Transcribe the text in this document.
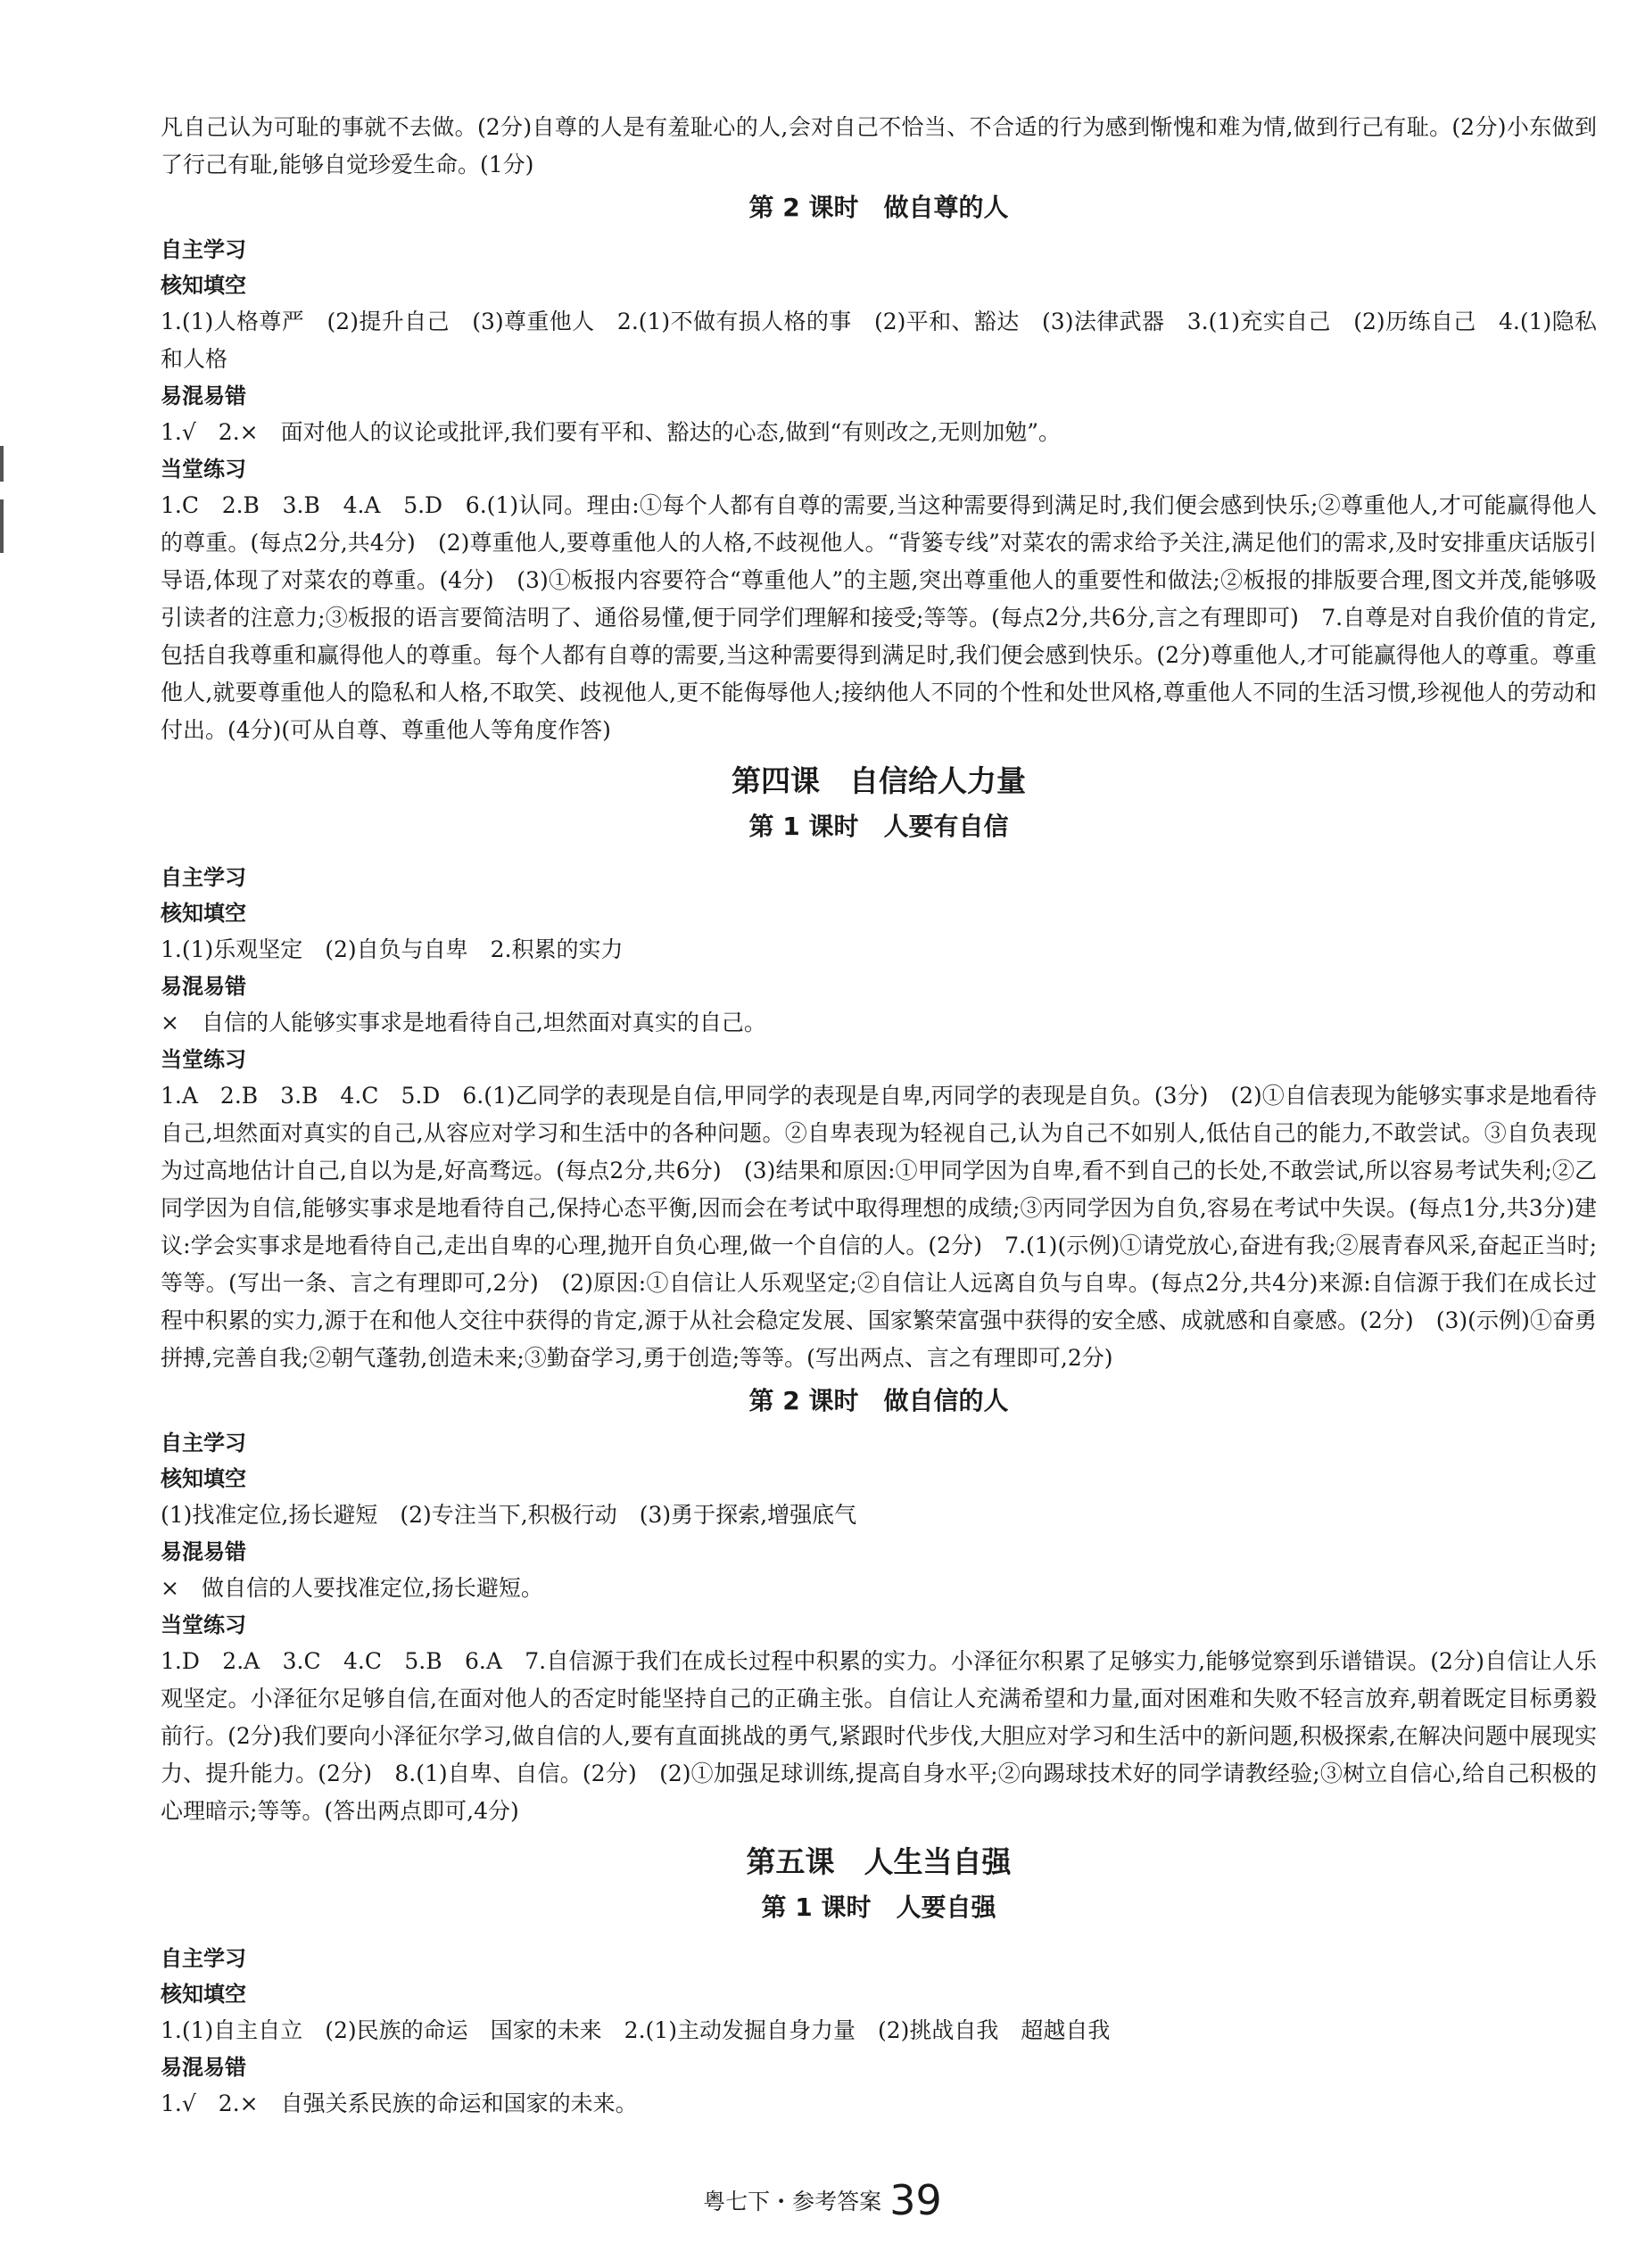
凡自己认为可耻的事就不去做。(2分)自尊的人是有羞耻心的人,会对自己不恰当、不合适的行为感到惭愧和难为情,做到行己有耻。(2分)小东做到了行己有耻,能够自觉珍爱生命。(1分)

第 2 课时　做自尊的人
自主学习
核知填空

1.(1)人格尊严　(2)提升自己　(3)尊重他人　2.(1)不做有损人格的事　(2)平和、豁达　(3)法律武器　3.(1)充实自己　(2)历练自己　4.(1)隐私和人格

易混易错

1.√　2.×　面对他人的议论或批评,我们要有平和、豁达的心态,做到“有则改之,无则加勉”。

当堂练习

1.C　2.B　3.B　4.A　5.D　6.(1)认同。理由:①每个人都有自尊的需要,当这种需要得到满足时,我们便会感到快乐;②尊重他人,才可能赢得他人的尊重。(每点2分,共4分)　(2)尊重他人,要尊重他人的人格,不歧视他人。“背篓专线”对菜农的需求给予关注,满足他们的需求,及时安排重庆话版引导语,体现了对菜农的尊重。(4分)　(3)①板报内容要符合“尊重他人”的主题,突出尊重他人的重要性和做法;②板报的排版要合理,图文并茂,能够吸引读者的注意力;③板报的语言要简洁明了、通俗易懂,便于同学们理解和接受;等等。(每点2分,共6分,言之有理即可)　7.自尊是对自我价值的肯定,包括自我尊重和赢得他人的尊重。每个人都有自尊的需要,当这种需要得到满足时,我们便会感到快乐。(2分)尊重他人,才可能赢得他人的尊重。尊重他人,就要尊重他人的隐私和人格,不取笑、歧视他人,更不能侮辱他人;接纳他人不同的个性和处世风格,尊重他人不同的生活习惯,珍视他人的劳动和付出。(4分)(可从自尊、尊重他人等角度作答)

第四课　自信给人力量
第 1 课时　人要有自信
自主学习
核知填空

1.(1)乐观坚定　(2)自负与自卑　2.积累的实力

易混易错

×　自信的人能够实事求是地看待自己,坦然面对真实的自己。

当堂练习

1.A　2.B　3.B　4.C　5.D　6.(1)乙同学的表现是自信,甲同学的表现是自卑,丙同学的表现是自负。(3分)　(2)①自信表现为能够实事求是地看待自己,坦然面对真实的自己,从容应对学习和生活中的各种问题。②自卑表现为轻视自己,认为自己不如别人,低估自己的能力,不敢尝试。③自负表现为过高地估计自己,自以为是,好高骛远。(每点2分,共6分)　(3)结果和原因:①甲同学因为自卑,看不到自己的长处,不敢尝试,所以容易考试失利;②乙同学因为自信,能够实事求是地看待自己,保持心态平衡,因而会在考试中取得理想的成绩;③丙同学因为自负,容易在考试中失误。(每点1分,共3分)建议:学会实事求是地看待自己,走出自卑的心理,抛开自负心理,做一个自信的人。(2分)　7.(1)(示例)①请党放心,奋进有我;②展青春风采,奋起正当时;等等。(写出一条、言之有理即可,2分)　(2)原因:①自信让人乐观坚定;②自信让人远离自负与自卑。(每点2分,共4分)来源:自信源于我们在成长过程中积累的实力,源于在和他人交往中获得的肯定,源于从社会稳定发展、国家繁荣富强中获得的安全感、成就感和自豪感。(2分)　(3)(示例)①奋勇拼搏,完善自我;②朝气蓬勃,创造未来;③勤奋学习,勇于创造;等等。(写出两点、言之有理即可,2分)

第 2 课时　做自信的人
自主学习
核知填空

(1)找准定位,扬长避短　(2)专注当下,积极行动　(3)勇于探索,增强底气

易混易错

×　做自信的人要找准定位,扬长避短。

当堂练习

1.D　2.A　3.C　4.C　5.B　6.A　7.自信源于我们在成长过程中积累的实力。小泽征尔积累了足够实力,能够觉察到乐谱错误。(2分)自信让人乐观坚定。小泽征尔足够自信,在面对他人的否定时能坚持自己的正确主张。自信让人充满希望和力量,面对困难和失败不轻言放弃,朝着既定目标勇毅前行。(2分)我们要向小泽征尔学习,做自信的人,要有直面挑战的勇气,紧跟时代步伐,大胆应对学习和生活中的新问题,积极探索,在解决问题中展现实力、提升能力。(2分)　8.(1)自卑、自信。(2分)　(2)①加强足球训练,提高自身水平;②向踢球技术好的同学请教经验;③树立自信心,给自己积极的心理暗示;等等。(答出两点即可,4分)

第五课　人生当自强
第 1 课时　人要自强
自主学习
核知填空

1.(1)自主自立　(2)民族的命运　国家的未来　2.(1)主动发掘自身力量　(2)挑战自我　超越自我

易混易错

1.√　2.×　自强关系民族的命运和国家的未来。

粤七下・参考答案 39
